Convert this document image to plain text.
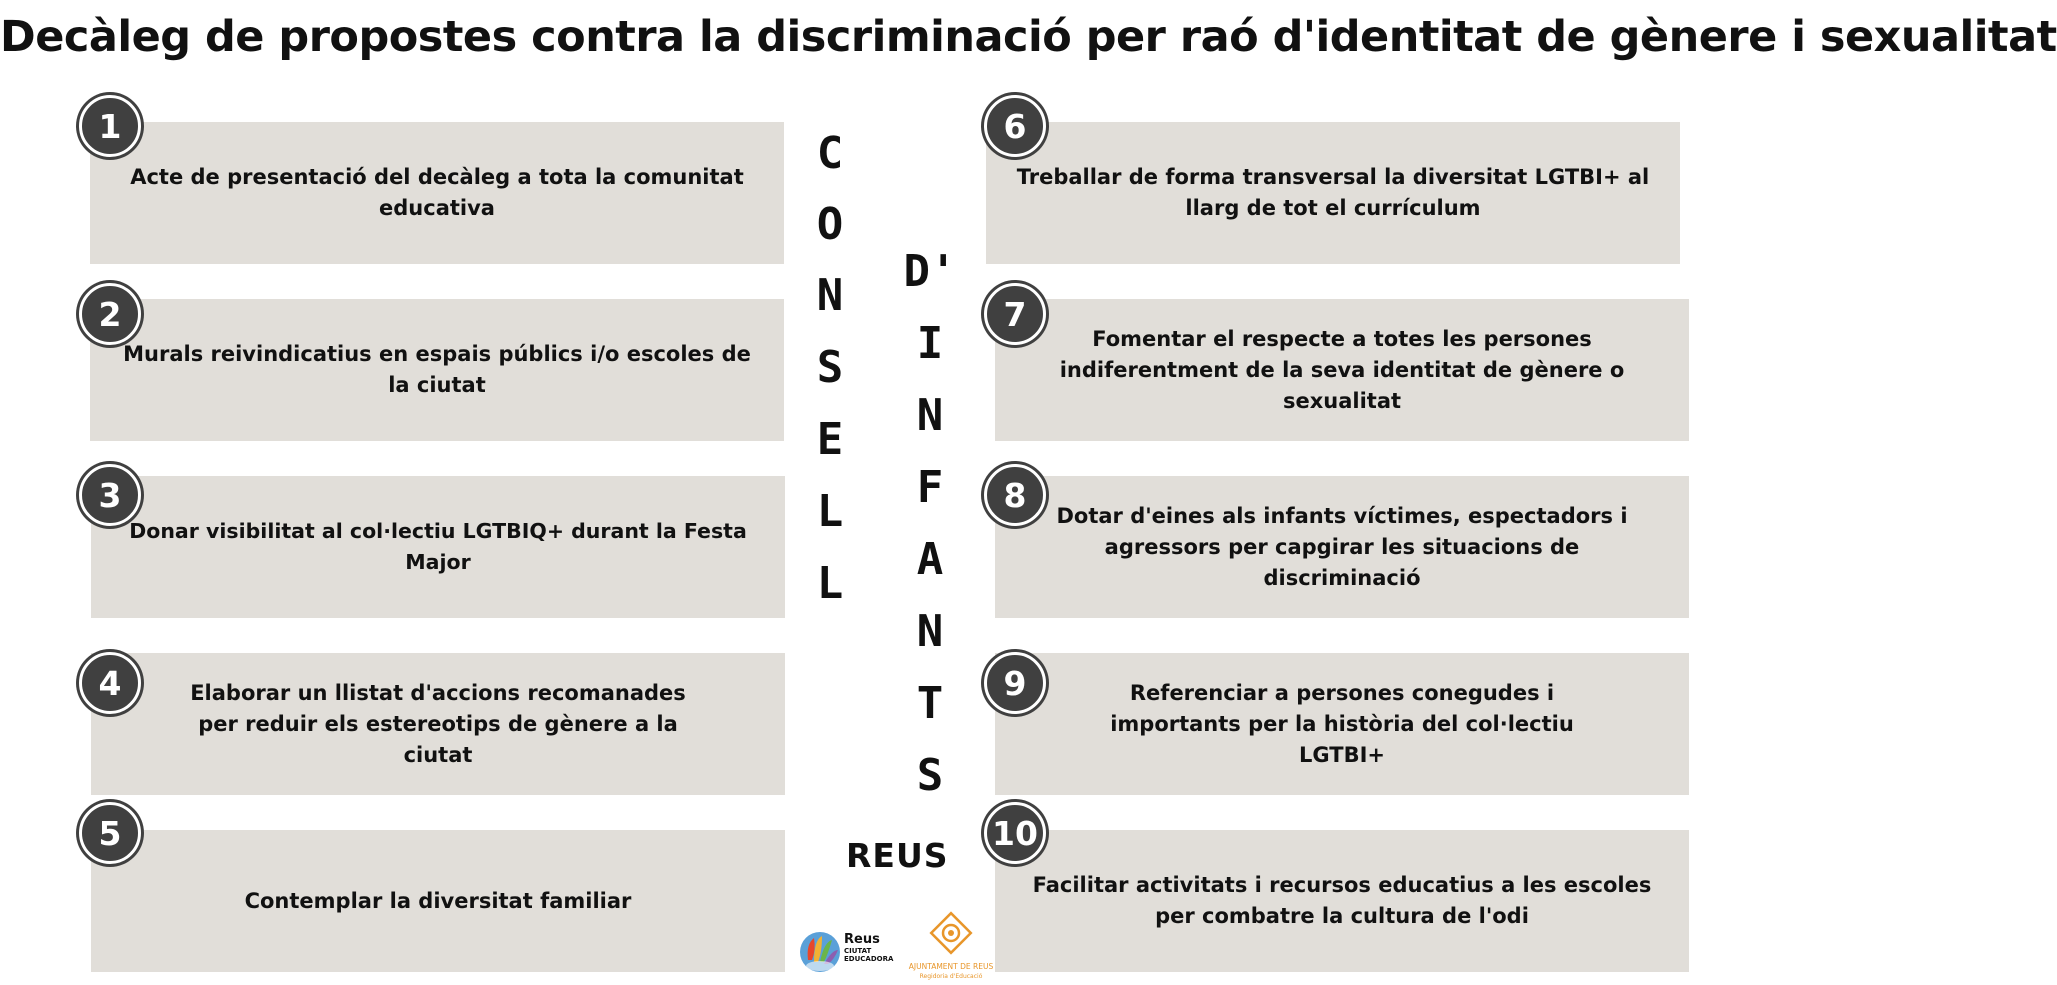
Decàleg de propostes contra la discriminació per raó d'identitat de gènere i sexualitat
Acte de presentació del decàleg a tota la comunitat educativa
1
Murals reivindicatius en espais públics i/o escoles de la ciutat
2
Donar visibilitat al col·lectiu LGTBIQ+ durant la Festa Major
3
Elaborar un llistat d'accions recomanades per reduir els estereotips de gènere a la ciutat
4
Contemplar la diversitat familiar
5
Treballar de forma transversal la diversitat LGTBI+ al llarg de tot el currículum
6
Fomentar el respecte a totes les persones indiferentment de la seva identitat de gènere o sexualitat
7
Dotar d'eines als infants víctimes, espectadors i agressors per capgirar les situacions de discriminació
8
Referenciar a persones conegudes i importants per la història del col·lectiu LGTBI+
9
Facilitar activitats i recursos educatius a les escoles per combatre la cultura de l'odi
10
C
O
N
S
E
L
L
D'
I
N
F
A
N
T
S
REUS
Reus
CIUTAT
EDUCADORA
AJUNTAMENT DE REUS
Regidoria d'Educació
